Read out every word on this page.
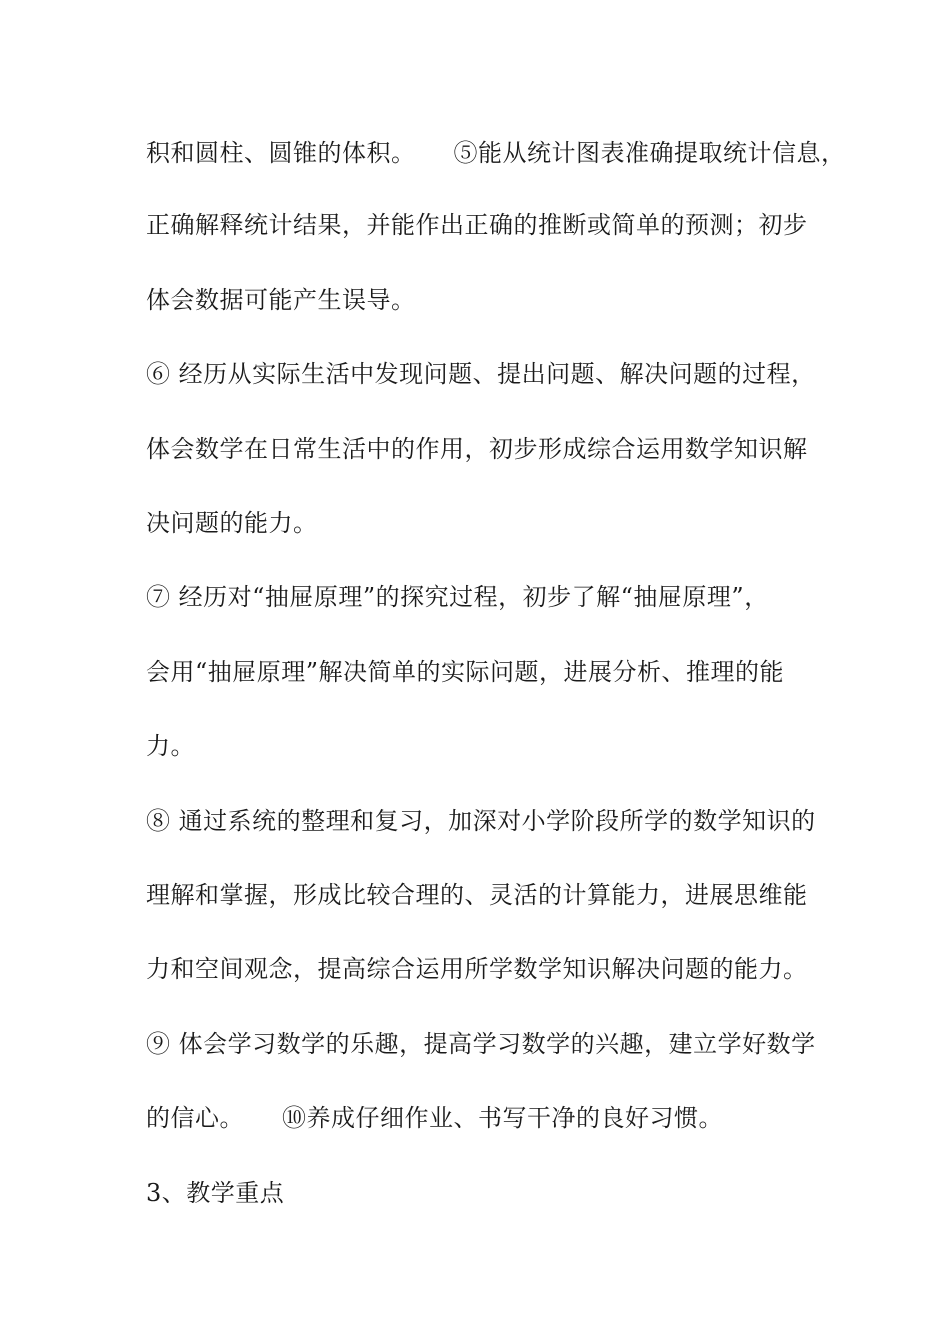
积和圆柱、圆锥的体积。 ⑤能从统计图表准确提取统计信息，
正确解释统计结果，并能作出正确的推断或简单的预测；初步
体会数据可能产生误导。
⑥ 经历从实际生活中发现问题、提出问题、解决问题的过程，
体会数学在日常生活中的作用，初步形成综合运用数学知识解
决问题的能力。
⑦ 经历对“抽屉原理”的探究过程，初步了解“抽屉原理”，
会用“抽屉原理”解决简单的实际问题，进展分析、推理的能
力。
⑧ 通过系统的整理和复习，加深对小学阶段所学的数学知识的
理解和掌握，形成比较合理的、灵活的计算能力，进展思维能
力和空间观念，提高综合运用所学数学知识解决问题的能力。
⑨ 体会学习数学的乐趣，提高学习数学的兴趣，建立学好数学
的信心。 ⑩养成仔细作业、书写干净的良好习惯。
3、教学重点
